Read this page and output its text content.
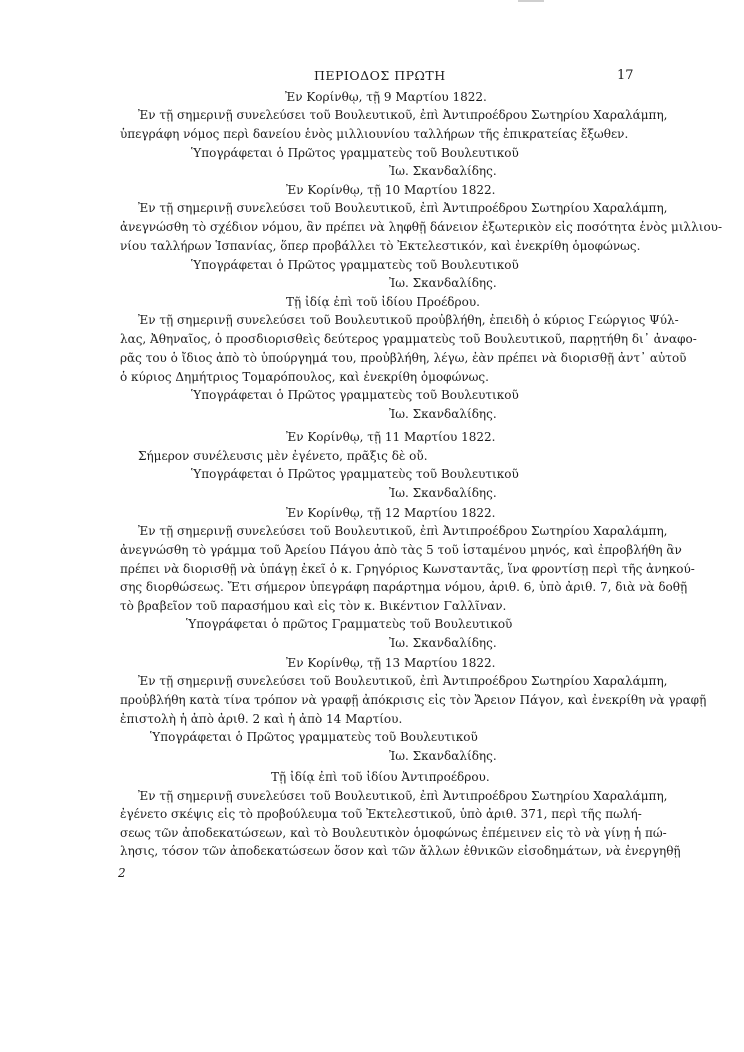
ΠΕΡΙΟΔΟΣ ΠΡΩΤΗ	17
Ἐν Κορίνθῳ, τῇ 9 Μαρτίου 1822.
Ἐν τῇ σημερινῇ συνελεύσει τοῦ Βουλευτικοῦ, ἐπὶ Ἀντιπροέδρου Σωτηρίου Χαραλάμπη,
ὑπεγράφη νόμος περὶ δανείου ἑνὸς μιλλιουνίου ταλλήρων τῆς ἐπικρατείας ἔξωθεν.
Ὑπογράφεται ὁ Πρῶτος γραμματεὺς τοῦ Βουλευτικοῦ
Ἰω. Σκανδαλίδης.
Ἐν Κορίνθῳ, τῇ 10 Μαρτίου 1822.
Ἐν τῇ σημερινῇ συνελεύσει τοῦ Βουλευτικοῦ, ἐπὶ Ἀντιπροέδρου Σωτηρίου Χαραλάμπη,
ἀνεγνώσθη τὸ σχέδιον νόμου, ἂν πρέπει νὰ ληφθῇ δάνειον ἐξωτερικὸν εἰς ποσότητα ἑνὸς μιλλιου-
νίου ταλλήρων Ἱσπανίας, ὅπερ προβάλλει τὸ Ἐκτελεστικόν, καὶ ἐνεκρίθη ὁμοφώνως.
Ὑπογράφεται ὁ Πρῶτος γραμματεὺς τοῦ Βουλευτικοῦ
Ἰω. Σκανδαλίδης.
Τῇ ἰδίᾳ ἐπὶ τοῦ ἰδίου Προέδρου.
Ἐν τῇ σημερινῇ συνελεύσει τοῦ Βουλευτικοῦ προὐβλήθη, ἐπειδὴ ὁ κύριος Γεώργιος Ψύλ-
λας, Ἀθηναῖος, ὁ προσδιορισθεὶς δεύτερος γραμματεὺς τοῦ Βουλευτικοῦ, παρῃτήθη δι᾽ ἀναφο-
ρᾶς του ὁ ἴδιος ἀπὸ τὸ ὑπούργημά του, προὐβλήθη, λέγω, ἐὰν πρέπει νὰ διορισθῇ ἀντ᾽ αὐτοῦ
ὁ κύριος Δημήτριος Τομαρόπουλος, καὶ ἐνεκρίθη ὁμοφώνως.
Ὑπογράφεται ὁ Πρῶτος γραμματεὺς τοῦ Βουλευτικοῦ
Ἰω. Σκανδαλίδης.
Ἐν Κορίνθῳ, τῇ 11 Μαρτίου 1822.
Σήμερον συνέλευσις μὲν ἐγένετο, πρᾶξις δὲ οὔ.
Ὑπογράφεται ὁ Πρῶτος γραμματεὺς τοῦ Βουλευτικοῦ
Ἰω. Σκανδαλίδης.
Ἐν Κορίνθῳ, τῇ 12 Μαρτίου 1822.
Ἐν τῇ σημερινῇ συνελεύσει τοῦ Βουλευτικοῦ, ἐπὶ Ἀντιπροέδρου Σωτηρίου Χαραλάμπη,
ἀνεγνώσθη τὸ γράμμα τοῦ Ἀρείου Πάγου ἀπὸ τὰς 5 τοῦ ἱσταμένου μηνός, καὶ ἐπροβλήθη ἂν
πρέπει νὰ διορισθῇ νὰ ὑπάγῃ ἐκεῖ ὁ κ. Γρηγόριος Κωνσταντᾶς, ἵνα φροντίσῃ περὶ τῆς ἀνηκού-
σης διορθώσεως. Ἔτι σήμερον ὑπεγράφη παράρτημα νόμου, ἀριθ. 6, ὑπὸ ἀριθ. 7, διὰ νὰ δοθῇ
τὸ βραβεῖον τοῦ παρασήμου καὶ εἰς τὸν κ. Βικέντιον Γαλλῖναν.
Ὑπογράφεται ὁ πρῶτος Γραμματεὺς τοῦ Βουλευτικοῦ
Ἰω. Σκανδαλίδης.
Ἐν Κορίνθῳ, τῇ 13 Μαρτίου 1822.
Ἐν τῇ σημερινῇ συνελεύσει τοῦ Βουλευτικοῦ, ἐπὶ Ἀντιπροέδρου Σωτηρίου Χαραλάμπη,
προὐβλήθη κατὰ τίνα τρόπον νὰ γραφῇ ἀπόκρισις εἰς τὸν Ἄρειον Πάγον, καὶ ἐνεκρίθη νὰ γραφῇ
ἐπιστολὴ ἡ ἀπὸ ἀριθ. 2 καὶ ἡ ἀπὸ 14 Μαρτίου.
Ὑπογράφεται ὁ Πρῶτος γραμματεὺς τοῦ Βουλευτικοῦ
Ἰω. Σκανδαλίδης.
Τῇ ἰδίᾳ ἐπὶ τοῦ ἰδίου Ἀντιπροέδρου.
Ἐν τῇ σημερινῇ συνελεύσει τοῦ Βουλευτικοῦ, ἐπὶ Ἀντιπροέδρου Σωτηρίου Χαραλάμπη,
ἐγένετο σκέψις εἰς τὸ προβούλευμα τοῦ Ἐκτελεστικοῦ, ὑπὸ ἀριθ. 371, περὶ τῆς πωλή-
σεως τῶν ἀποδεκατώσεων, καὶ τὸ Βουλευτικὸν ὁμοφώνως ἐπέμεινεν εἰς τὸ νὰ γίνῃ ἡ πώ-
λησις, τόσον τῶν ἀποδεκατώσεων ὅσον καὶ τῶν ἄλλων ἐθνικῶν εἰσοδημάτων, νὰ ἐνεργηθῇ
2
